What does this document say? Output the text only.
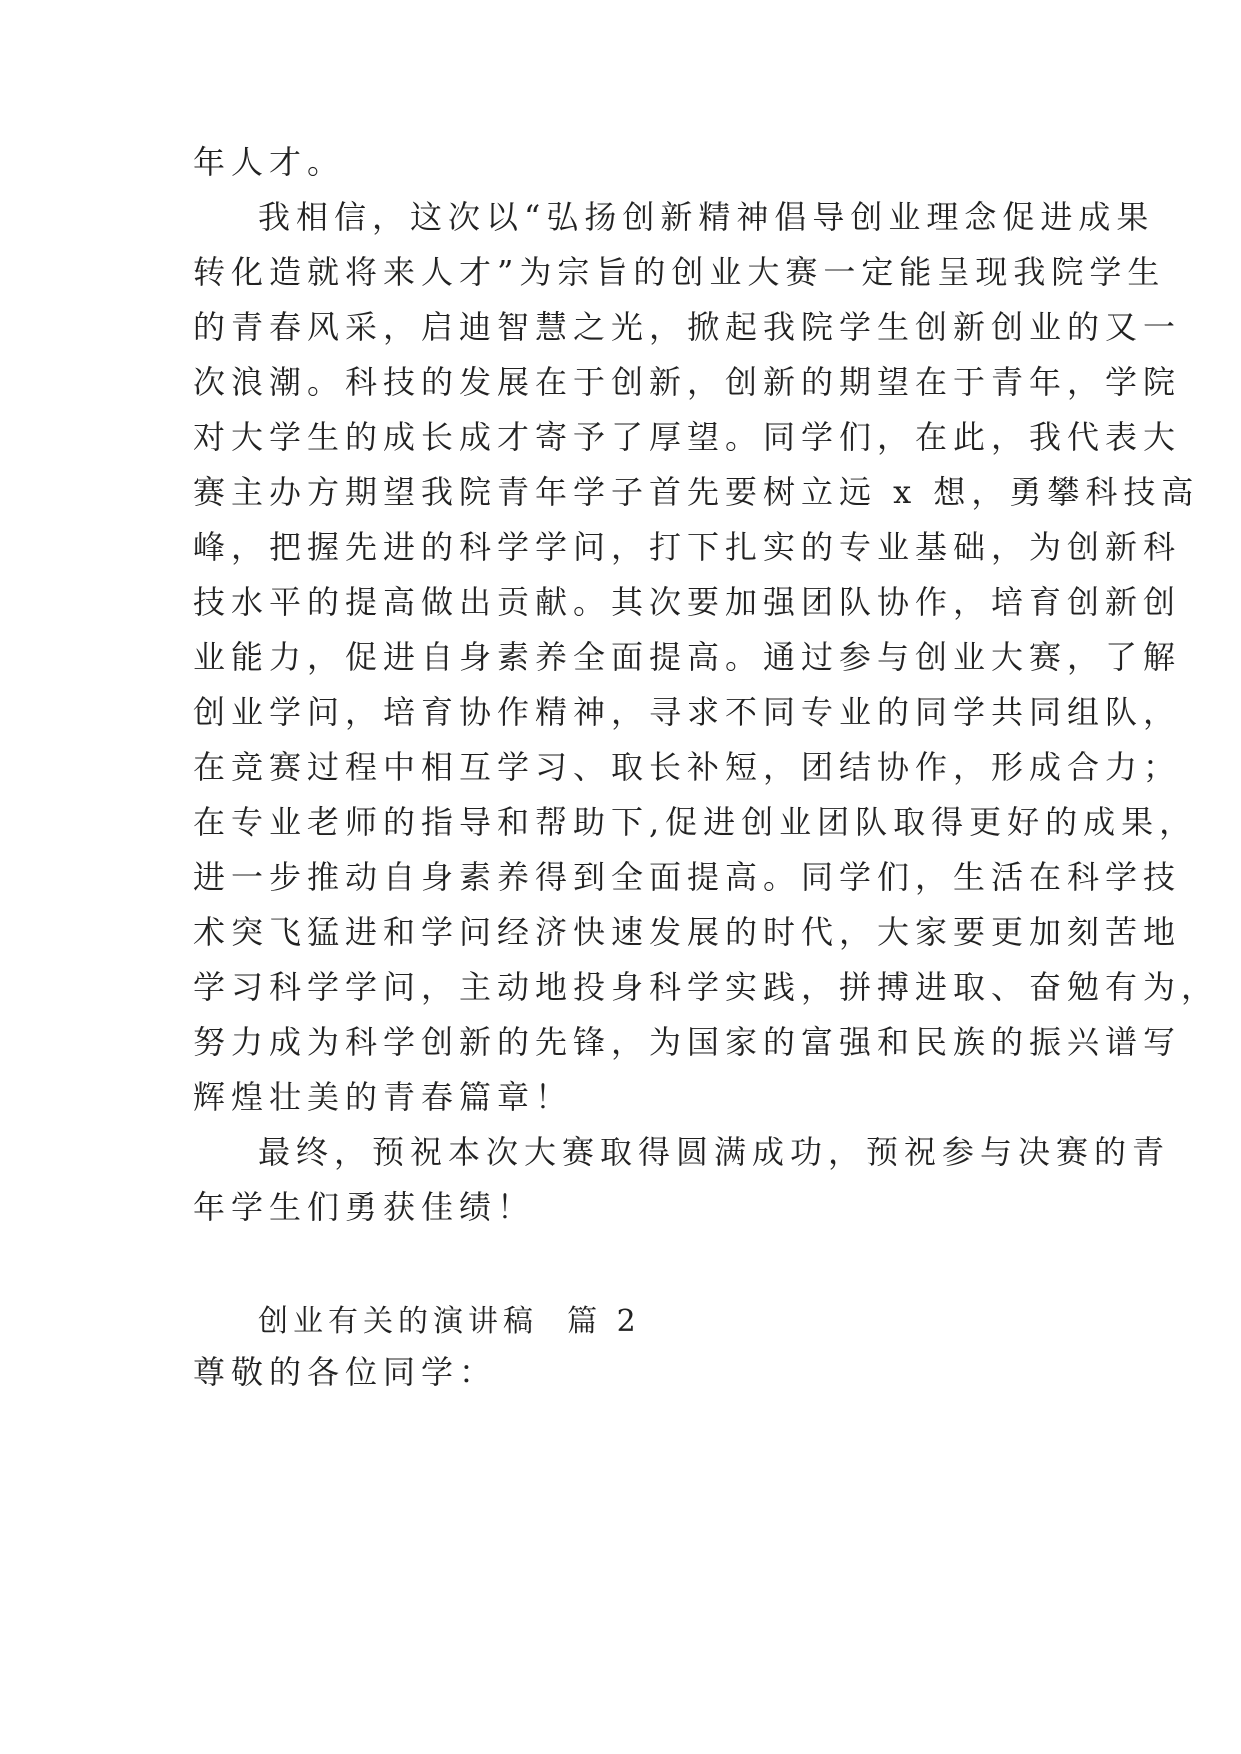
年人才。
我相信，这次以“弘扬创新精神倡导创业理念促进成果
转化造就将来人才”为宗旨的创业大赛一定能呈现我院学生
的青春风采，启迪智慧之光，掀起我院学生创新创业的又一
次浪潮。科技的发展在于创新，创新的期望在于青年，学院
对大学生的成长成才寄予了厚望。同学们，在此，我代表大
赛主办方期望我院青年学子首先要树立远 x 想，勇攀科技高
峰，把握先进的科学学问，打下扎实的专业基础，为创新科
技水平的提高做出贡献。其次要加强团队协作，培育创新创
业能力，促进自身素养全面提高。通过参与创业大赛，了解
创业学问，培育协作精神，寻求不同专业的同学共同组队，
在竞赛过程中相互学习、取长补短，团结协作，形成合力；
在专业老师的指导和帮助下,促进创业团队取得更好的成果，
进一步推动自身素养得到全面提高。同学们，生活在科学技
术突飞猛进和学问经济快速发展的时代，大家要更加刻苦地
学习科学学问，主动地投身科学实践，拼搏进取、奋勉有为，
努力成为科学创新的先锋，为国家的富强和民族的振兴谱写
辉煌壮美的青春篇章！
最终，预祝本次大赛取得圆满成功，预祝参与决赛的青
年学生们勇获佳绩！
创业有关的演讲稿  篇 2
尊敬的各位同学：
